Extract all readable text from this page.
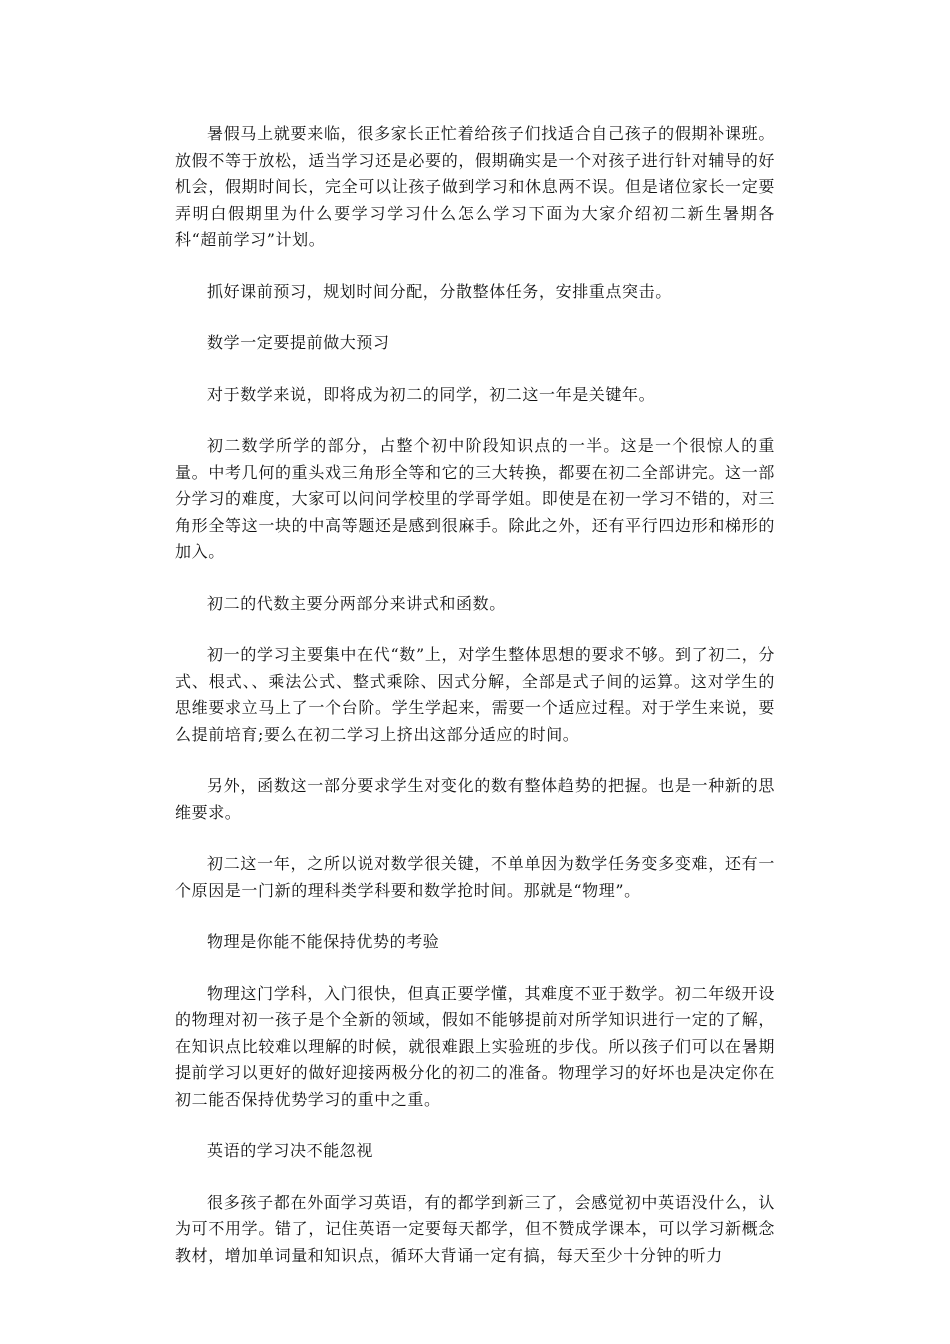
暑假马上就要来临，很多家长正忙着给孩子们找适合自己孩子的假期补课班。放假不等于放松，适当学习还是必要的，假期确实是一个对孩子进行针对辅导的好机会，假期时间长，完全可以让孩子做到学习和休息两不误。但是诸位家长一定要弄明白假期里为什么要学习学习什么怎么学习下面为大家介绍初二新生暑期各科“超前学习”计划。

抓好课前预习，规划时间分配，分散整体任务，安排重点突击。

数学一定要提前做大预习

对于数学来说，即将成为初二的同学，初二这一年是关键年。

初二数学所学的部分，占整个初中阶段知识点的一半。这是一个很惊人的重量。中考几何的重头戏三角形全等和它的三大转换，都要在初二全部讲完。这一部分学习的难度，大家可以问问学校里的学哥学姐。即使是在初一学习不错的，对三角形全等这一块的中高等题还是感到很麻手。除此之外，还有平行四边形和梯形的加入。

初二的代数主要分两部分来讲式和函数。

初一的学习主要集中在代“数”上，对学生整体思想的要求不够。到了初二，分式、根式、、乘法公式、整式乘除、因式分解，全部是式子间的运算。这对学生的思维要求立马上了一个台阶。学生学起来，需要一个适应过程。对于学生来说，要么提前培育;要么在初二学习上挤出这部分适应的时间。

另外，函数这一部分要求学生对变化的数有整体趋势的把握。也是一种新的思维要求。

初二这一年，之所以说对数学很关键，不单单因为数学任务变多变难，还有一个原因是一门新的理科类学科要和数学抢时间。那就是“物理”。

物理是你能不能保持优势的考验

物理这门学科，入门很快，但真正要学懂，其难度不亚于数学。初二年级开设的物理对初一孩子是个全新的领域，假如不能够提前对所学知识进行一定的了解，在知识点比较难以理解的时候，就很难跟上实验班的步伐。所以孩子们可以在暑期提前学习以更好的做好迎接两极分化的初二的准备。物理学习的好坏也是决定你在初二能否保持优势学习的重中之重。

英语的学习决不能忽视

很多孩子都在外面学习英语，有的都学到新三了，会感觉初中英语没什么，认为可不用学。错了，记住英语一定要每天都学，但不赞成学课本，可以学习新概念教材，增加单词量和知识点，循环大背诵一定有搞，每天至少十分钟的听力
